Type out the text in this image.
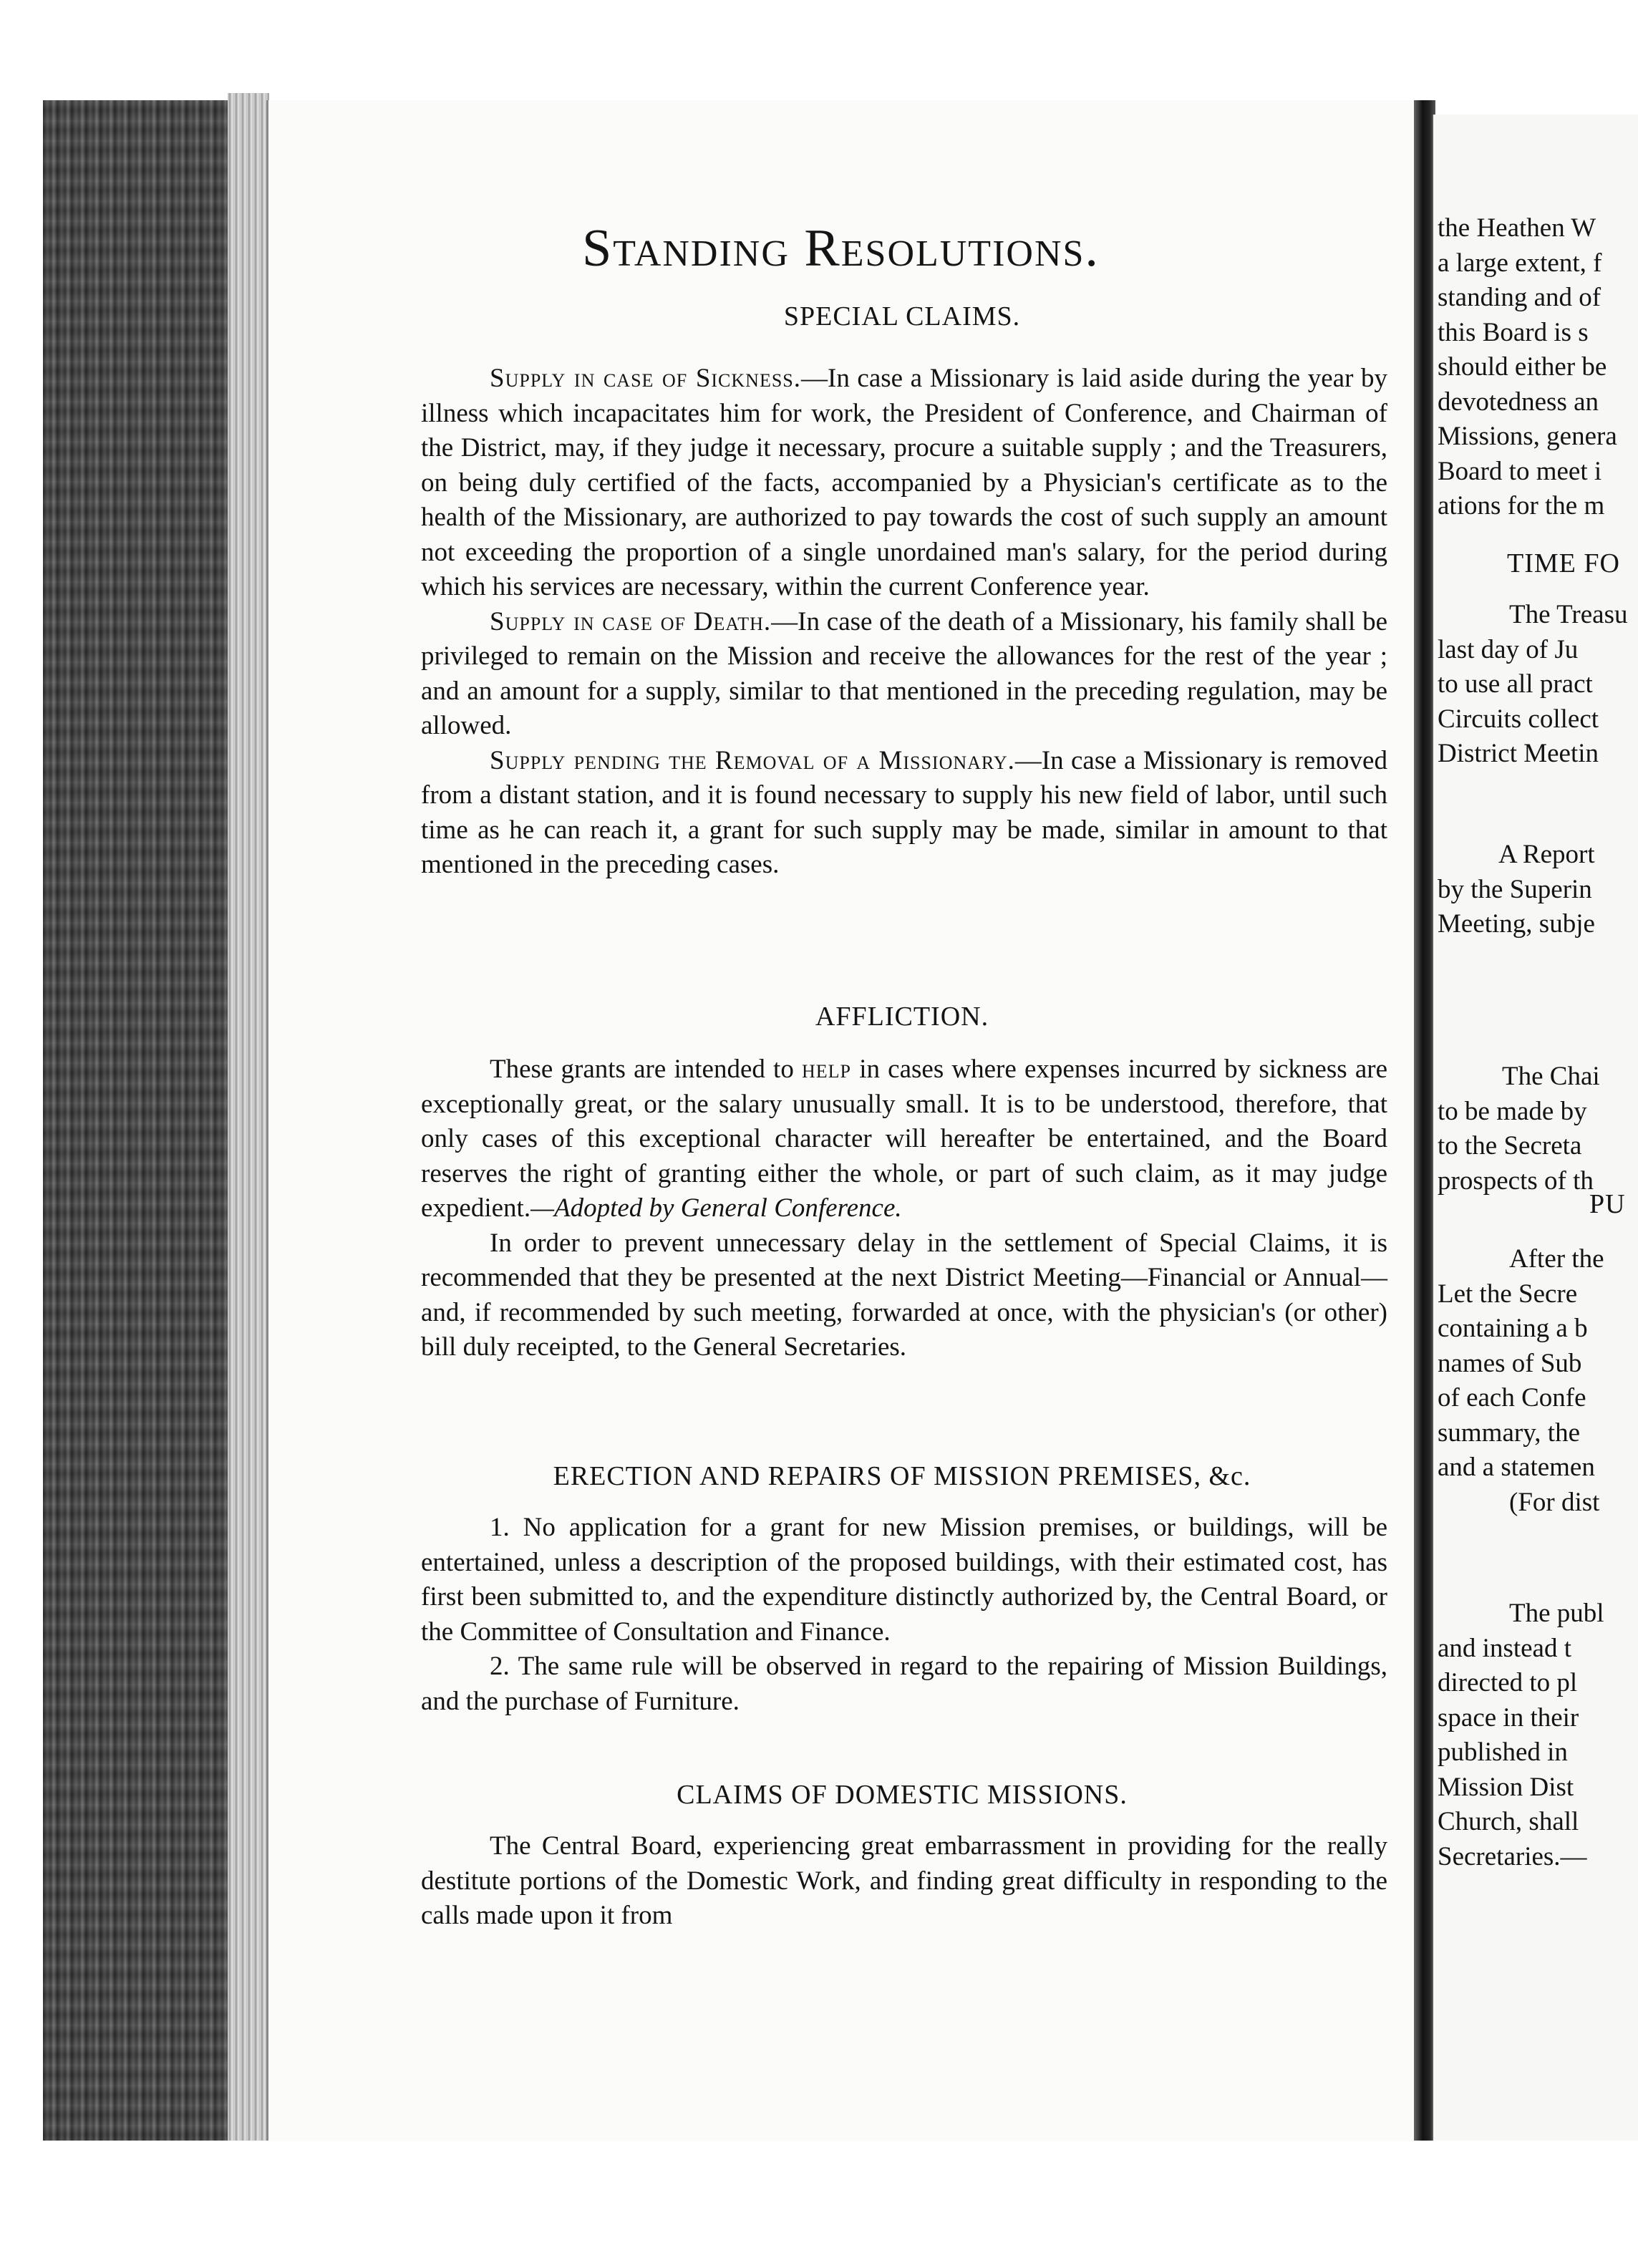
Standing Resolutions.
SPECIAL CLAIMS.

Supply in case of Sickness.—In case a Missionary is laid aside during the year by illness which incapacitates him for work, the President of Conference, and Chairman of the District, may, if they judge it necessary, procure a suitable supply ; and the Treasurers, on being duly certified of the facts, accompanied by a Physician's certificate as to the health of the Missionary, are authorized to pay towards the cost of such supply an amount not exceeding the proportion of a single unordained man's salary, for the period during which his services are necessary, within the current Conference year.

Supply in case of Death.—In case of the death of a Missionary, his family shall be privileged to remain on the Mission and receive the allowances for the rest of the year ; and an amount for a supply, similar to that mentioned in the preceding regulation, may be allowed.

Supply pending the Removal of a Missionary.—In case a Missionary is removed from a distant station, and it is found necessary to supply his new field of labor, until such time as he can reach it, a grant for such supply may be made, similar in amount to that mentioned in the preceding cases.

AFFLICTION.

These grants are intended to help in cases where expenses incurred by sickness are exceptionally great, or the salary unusually small. It is to be understood, therefore, that only cases of this exceptional character will hereafter be entertained, and the Board reserves the right of granting either the whole, or part of such claim, as it may judge expedient.—Adopted by General Conference.

In order to prevent unnecessary delay in the settlement of Special Claims, it is recommended that they be presented at the next District Meeting—Financial or Annual—and, if recommended by such meeting, forwarded at once, with the physician's (or other) bill duly receipted, to the General Secretaries.

ERECTION AND REPAIRS OF MISSION PREMISES, &c.

1. No application for a grant for new Mission premises, or buildings, will be entertained, unless a description of the proposed buildings, with their estimated cost, has first been submitted to, and the expenditure distinctly authorized by, the Central Board, or the Committee of Consultation and Finance.

2. The same rule will be observed in regard to the repairing of Mission Buildings, and the purchase of Furniture.

CLAIMS OF DOMESTIC MISSIONS.

The Central Board, experiencing great embarrassment in providing for the really destitute portions of the Domestic Work, and finding great difficulty in responding to the calls made upon it from

the Heathen W
a large extent, f
standing and of
this Board is s
should either be
devotedness an
Missions, genera
Board to meet i
ations for the m
TIME FO
The Treasu
last day of Ju
to use all pract
Circuits collect
District Meetin
A Report
by the Superin
Meeting, subje
The Chai
to be made by
to the Secreta
prospects of th
PU
After the
Let the Secre
containing a b
names of Sub
of each Confe
summary, the
and a statemen
(For dist
The publ
and instead t
directed to pl
space in their
published in
Mission Dist
Church, shall
Secretaries.—
